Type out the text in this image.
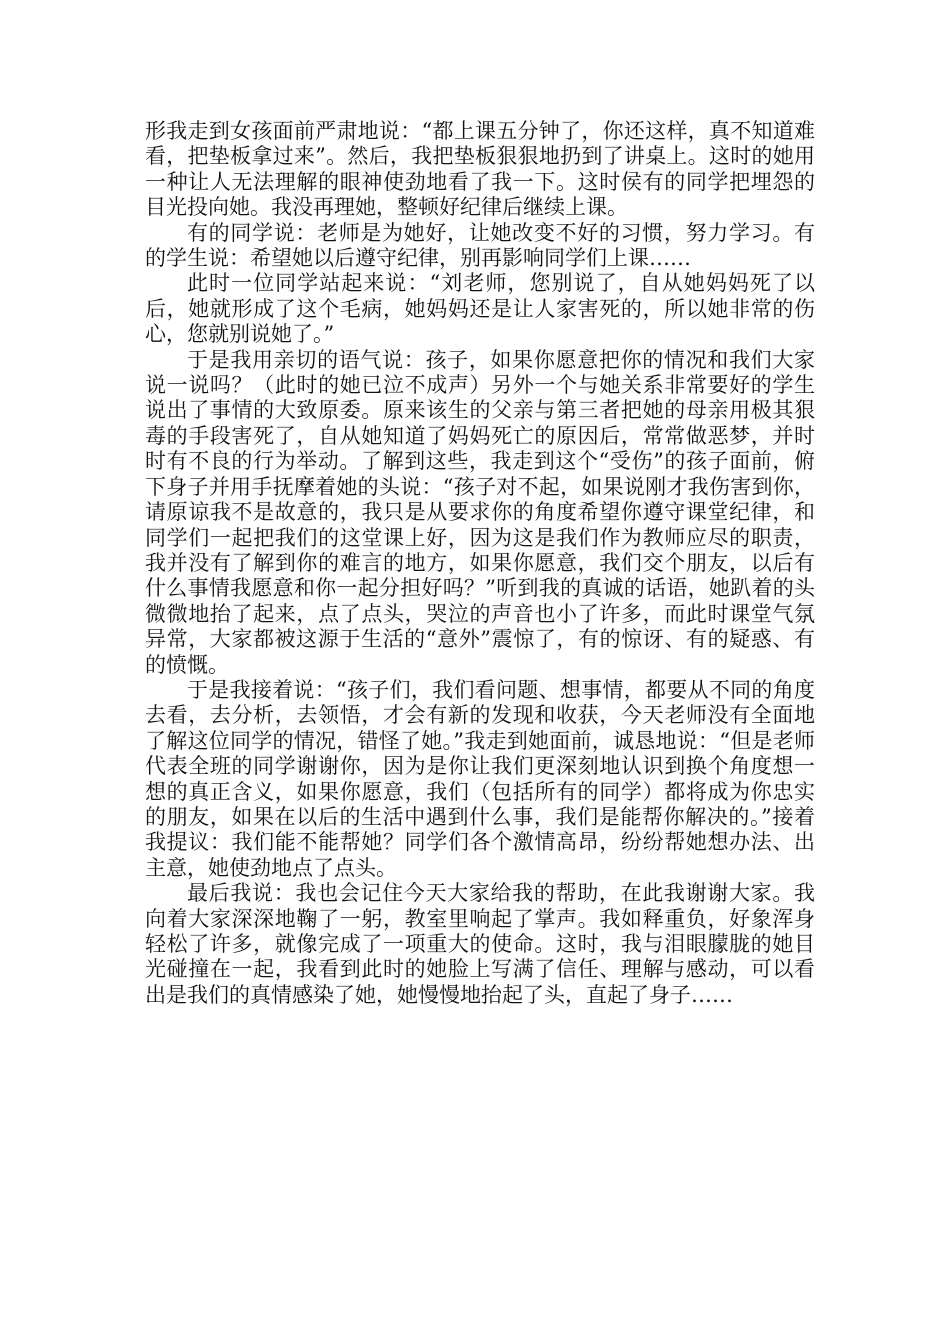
形我走到女孩面前严肃地说：“都上课五分钟了，你还这样，真不知道难看，把垫板拿过来”。然后，我把垫板狠狠地扔到了讲桌上。这时的她用一种让人无法理解的眼神使劲地看了我一下。这时侯有的同学把埋怨的目光投向她。我没再理她，整顿好纪律后继续上课。

有的同学说：老师是为她好，让她改变不好的习惯，努力学习。有的学生说：希望她以后遵守纪律，别再影响同学们上课……

此时一位同学站起来说：“刘老师，您别说了，自从她妈妈死了以后，她就形成了这个毛病，她妈妈还是让人家害死的，所以她非常的伤心，您就别说她了。”

于是我用亲切的语气说：孩子，如果你愿意把你的情况和我们大家说一说吗？（此时的她已泣不成声）另外一个与她关系非常要好的学生说出了事情的大致原委。原来该生的父亲与第三者把她的母亲用极其狠毒的手段害死了，自从她知道了妈妈死亡的原因后，常常做恶梦，并时时有不良的行为举动。了解到这些，我走到这个“受伤”的孩子面前，俯下身子并用手抚摩着她的头说：“孩子对不起，如果说刚才我伤害到你，请原谅我不是故意的，我只是从要求你的角度希望你遵守课堂纪律，和同学们一起把我们的这堂课上好，因为这是我们作为教师应尽的职责，我并没有了解到你的难言的地方，如果你愿意，我们交个朋友，以后有什么事情我愿意和你一起分担好吗？”听到我的真诚的话语，她趴着的头微微地抬了起来，点了点头，哭泣的声音也小了许多，而此时课堂气氛异常，大家都被这源于生活的“意外”震惊了，有的惊讶、有的疑惑、有的愤慨。

于是我接着说：“孩子们，我们看问题、想事情，都要从不同的角度去看，去分析，去领悟，才会有新的发现和收获，今天老师没有全面地了解这位同学的情况，错怪了她。”我走到她面前，诚恳地说：“但是老师代表全班的同学谢谢你，因为是你让我们更深刻地认识到换个角度想一想的真正含义，如果你愿意，我们（包括所有的同学）都将成为你忠实的朋友，如果在以后的生活中遇到什么事，我们是能帮你解决的。”接着我提议：我们能不能帮她？同学们各个激情高昂，纷纷帮她想办法、出主意，她使劲地点了点头。

最后我说：我也会记住今天大家给我的帮助，在此我谢谢大家。我向着大家深深地鞠了一躬，教室里响起了掌声。我如释重负，好象浑身轻松了许多，就像完成了一项重大的使命。这时，我与泪眼朦胧的她目光碰撞在一起，我看到此时的她脸上写满了信任、理解与感动，可以看出是我们的真情感染了她，她慢慢地抬起了头，直起了身子……
